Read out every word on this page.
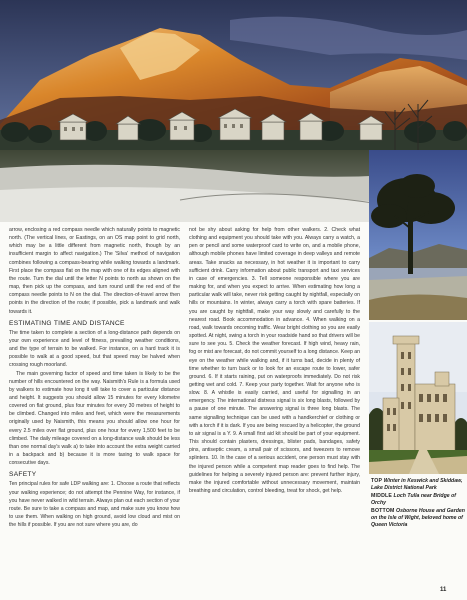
arrow, enclosing a red compass needle which naturally points to magnetic north. (The vertical lines, or Eastings, on an OS map point to grid north, which may be a little different from magnetic north, though by an insufficient margin to affect navigation.) The 'Silva' method of navigation combines following a compass-bearing while walking towards a landmark. First place the compass flat on the map with one of its edges aligned with the route. Turn the dial until the letter N points to north as shown on the map, then pick up the compass, and turn round until the red end of the compass needle points to N on the dial. The direction-of-travel arrow then points in the direction of the route; if possible, pick a landmark and walk towards it.

ESTIMATING TIME AND DISTANCE

The time taken to complete a section of a long-distance path depends on your own experience and level of fitness, prevailing weather conditions, and the type of terrain to be walked. For instance, on a hard track it is possible to walk at a good speed, but that speed may be halved when crossing rough moorland.

The main governing factor of speed and time taken is likely to be the number of hills encountered on the way. Naismith's Rule is a formula used by walkers to estimate how long it will take to cover a particular distance and height. It suggests you should allow 15 minutes for every kilometre covered on flat ground, plus four minutes for every 30 metres of height to be climbed. Changed into miles and feet, which were the measurements originally used by Naismith, this means you should allow one hour for every 2.5 miles over flat ground, plus one hour for every 1,500 feet to be climbed. The daily mileage covered on a long-distance walk should be less than one normal day's walk a) to take into account the extra weight carried in a backpack and b) because it is more taxing to walk space for consecutive days.

SAFETY

Ten principal rules for safe LDP walking are: 1. Choose a route that reflects your walking experience; do not attempt the Pennine Way, for instance, if you have never walked in wild terrain. Always plan out each section of your route. Be sure to take a compass and map, and make sure you know how to use them. When walking on high ground, avoid low cloud and mist on the hills if possible. If you are not sure where you are, do

not be shy about asking for help from other walkers. 2. Check what clothing and equipment you should take with you. Always carry a watch, a pen or pencil and some waterproof card to write on, and a mobile phone, although mobile phones have limited coverage in deep valleys and remote areas. Take snacks as necessary, in hot weather it is important to carry sufficient drink. Carry information about public transport and taxi services in case of emergencies. 3. Tell someone responsible where you are making for, and when you expect to arrive. When estimating how long a particular walk will take, never risk getting caught by nightfall, especially on hills or mountains. In winter, always carry a torch with spare batteries. If you are caught by nightfall, make your way slowly and carefully to the nearest road. Book accommodation in advance. 4. When walking on a road, walk towards oncoming traffic. Wear bright clothing so you are easily spotted. At night, swing a torch in your roadside hand so that drivers will be sure to see you. 5. Check the weather forecast. If high wind, heavy rain, fog or mist are forecast, do not commit yourself to a long distance. Keep an eye on the weather while walking and, if it turns bad, decide in plenty of time whether to turn back or to look for an escape route to lower, safer ground. 6. If it starts raining, put on waterproofs immediately. Do not risk getting wet and cold. 7. Keep your party together. Wait for anyone who is slow. 8. A whistle is easily carried, and useful for signalling in an emergency. The international distress signal is six long blasts, followed by a pause of one minute. The answering signal is three long blasts. The same signalling technique can be used with a handkerchief or clothing or with a torch if it is dark. If you are being rescued by a helicopter, the ground to air signal is a Y. 9. A small first aid kit should be part of your equipment. This should contain plasters, dressings, blister pads, bandages, safety pins, antiseptic cream, a small pair of scissors, and tweezers to remove splinters. 10. In the case of a serious accident, one person must stay with the injured person while a competent map reader goes to find help. The guidelines for helping a severely injured person are: prevent further injury, make the injured comfortable without unnecessary movement, maintain breathing and circulation, control bleeding, treat for shock, get help.

TOP Winter in Keswick and Skiddaw, Lake District National Park
MIDDLE Loch Tulla near Bridge of Orchy
BOTTOM Osborne House and Garden on the Isle of Wight, beloved home of Queen Victoria
11
